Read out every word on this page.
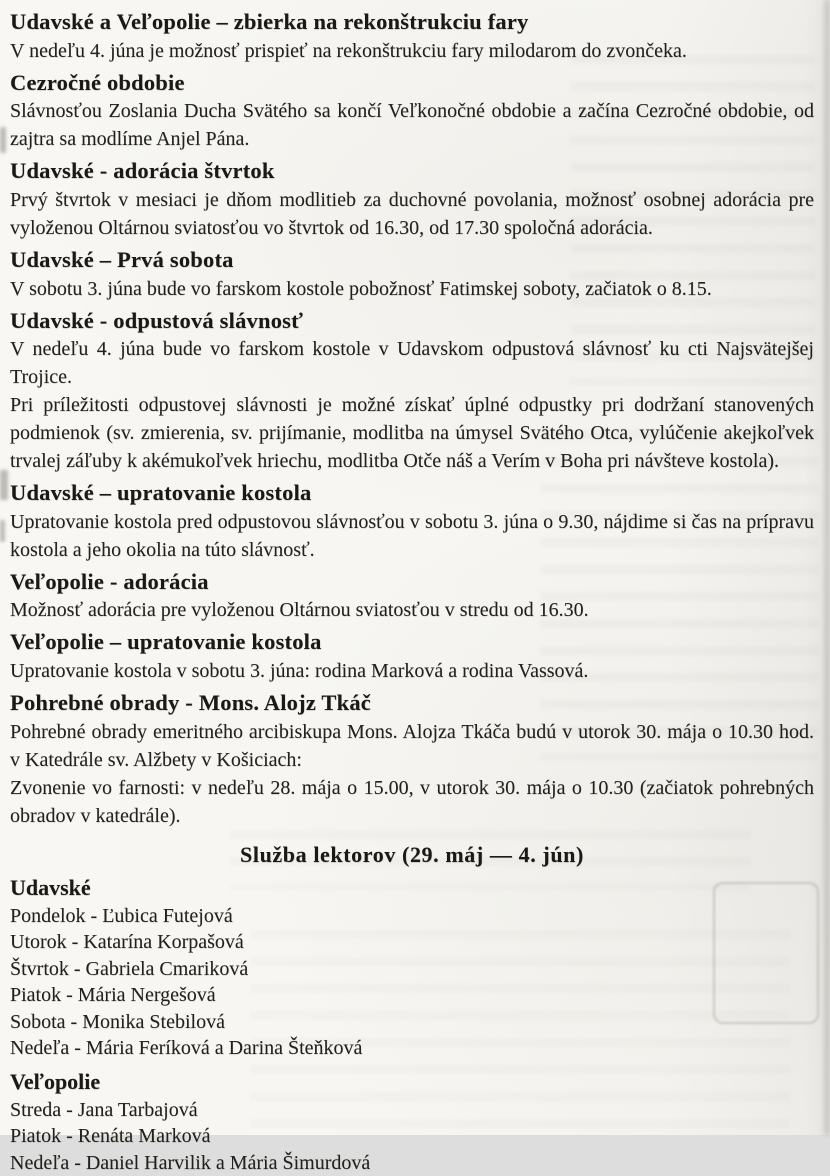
Udavské a Veľopolie – zbierka na rekonštrukciu fary

V nedeľu 4. júna je možnosť prispieť na rekonštrukciu fary milodarom do zvončeka.

Cezročné obdobie

Slávnosťou Zoslania Ducha Svätého sa končí Veľkonočné obdobie a začína Cezročné obdobie, od zajtra sa modlíme Anjel Pána.

Udavské - adorácia štvrtok

Prvý štvrtok v mesiaci je dňom modlitieb za duchovné povolania, možnosť osobnej adorácia pre vyloženou Oltárnou sviatosťou vo štvrtok od 16.30, od 17.30 spoločná adorácia.

Udavské – Prvá sobota

V sobotu 3. júna bude vo farskom kostole pobožnosť Fatimskej soboty, začiatok o 8.15.

Udavské - odpustová slávnosť

V nedeľu 4. júna bude vo farskom kostole v Udavskom odpustová slávnosť ku cti Najsvätejšej Trojice.

Pri príležitosti odpustovej slávnosti je možné získať úplné odpustky pri dodržaní stanovených podmienok (sv. zmierenia, sv. prijímanie, modlitba na úmysel Svätého Otca, vylúčenie akejkoľvek trvalej záľuby k akémukoľvek hriechu, modlitba Otče náš a Verím v Boha pri návšteve kostola).

Udavské – upratovanie kostola

Upratovanie kostola pred odpustovou slávnosťou v sobotu 3. júna o 9.30, nájdime si čas na prípravu kostola a jeho okolia na túto slávnosť.

Veľopolie - adorácia

Možnosť adorácia pre vyloženou Oltárnou sviatosťou v stredu od 16.30.

Veľopolie – upratovanie kostola

Upratovanie kostola v sobotu 3. júna: rodina Marková a rodina Vassová.

Pohrebné obrady - Mons. Alojz Tkáč

Pohrebné obrady emeritného arcibiskupa Mons. Alojza Tkáča budú v utorok 30. mája o 10.30 hod. v Katedrále sv. Alžbety v Košiciach:

Zvonenie vo farnosti: v nedeľu 28. mája o 15.00, v utorok 30. mája o 10.30 (začiatok pohrebných obradov v katedrále).

Služba lektorov (29. máj — 4. jún)
Udavské
Pondelok - Ľubica Futejová
Utorok - Katarína Korpašová
Štvrtok - Gabriela Cmariková
Piatok - Mária Nergešová
Sobota - Monika Stebilová
Nedeľa - Mária Feríková a Darina Šteňková
Veľopolie
Streda - Jana Tarbajová
Piatok - Renáta Marková
Nedeľa - Daniel Harvilik a Mária Šimurdová
